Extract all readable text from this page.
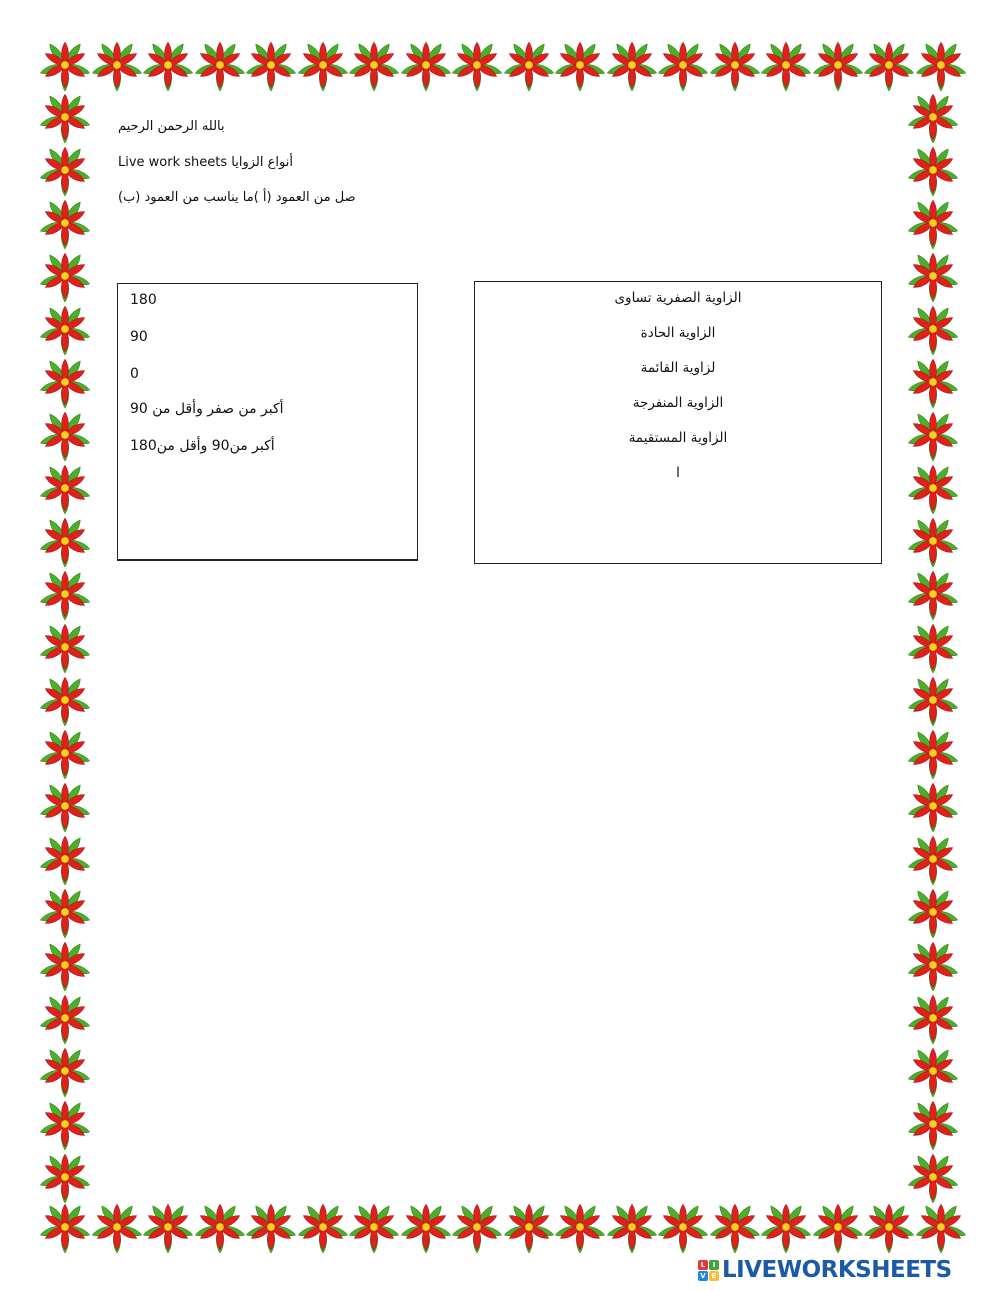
بالله الرحمن الرحيم
أنواع الزوايا Live work sheets
صل من العمود (أ )ما يناسب من العمود (ب)
180
90
0
أكبر من صفر وأقل من 90
أكبر من90 وأقل من180
الزاوية الصفرية تساوى
الزاوية الحادة
لزاوية القائمة
الزاوية المنفرجة
الزاوية المستقيمة
ا
L	I
V E LIVEWORKSHEETS
